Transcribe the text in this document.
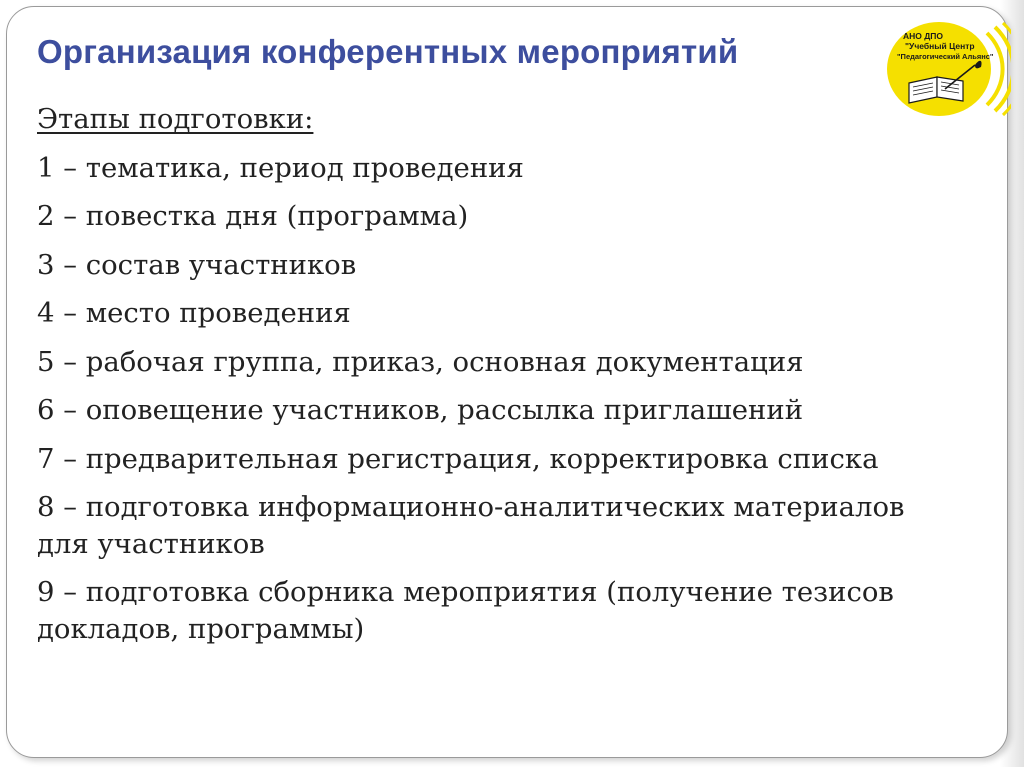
Организация конферентных мероприятий	АНО ДПО
"Учебный Центр
"Педагогический Альянс"

Этапы подготовки:

1 – тематика, период проведения

2 – повестка дня (программа)

3 – состав участников

4 – место проведения

5 – рабочая группа, приказ, основная документация

6 – оповещение участников, рассылка приглашений

7 – предварительная регистрация, корректировка списка

8 – подготовка информационно-аналитических материалов для участников

9 – подготовка сборника мероприятия (получение тезисов докладов, программы)
